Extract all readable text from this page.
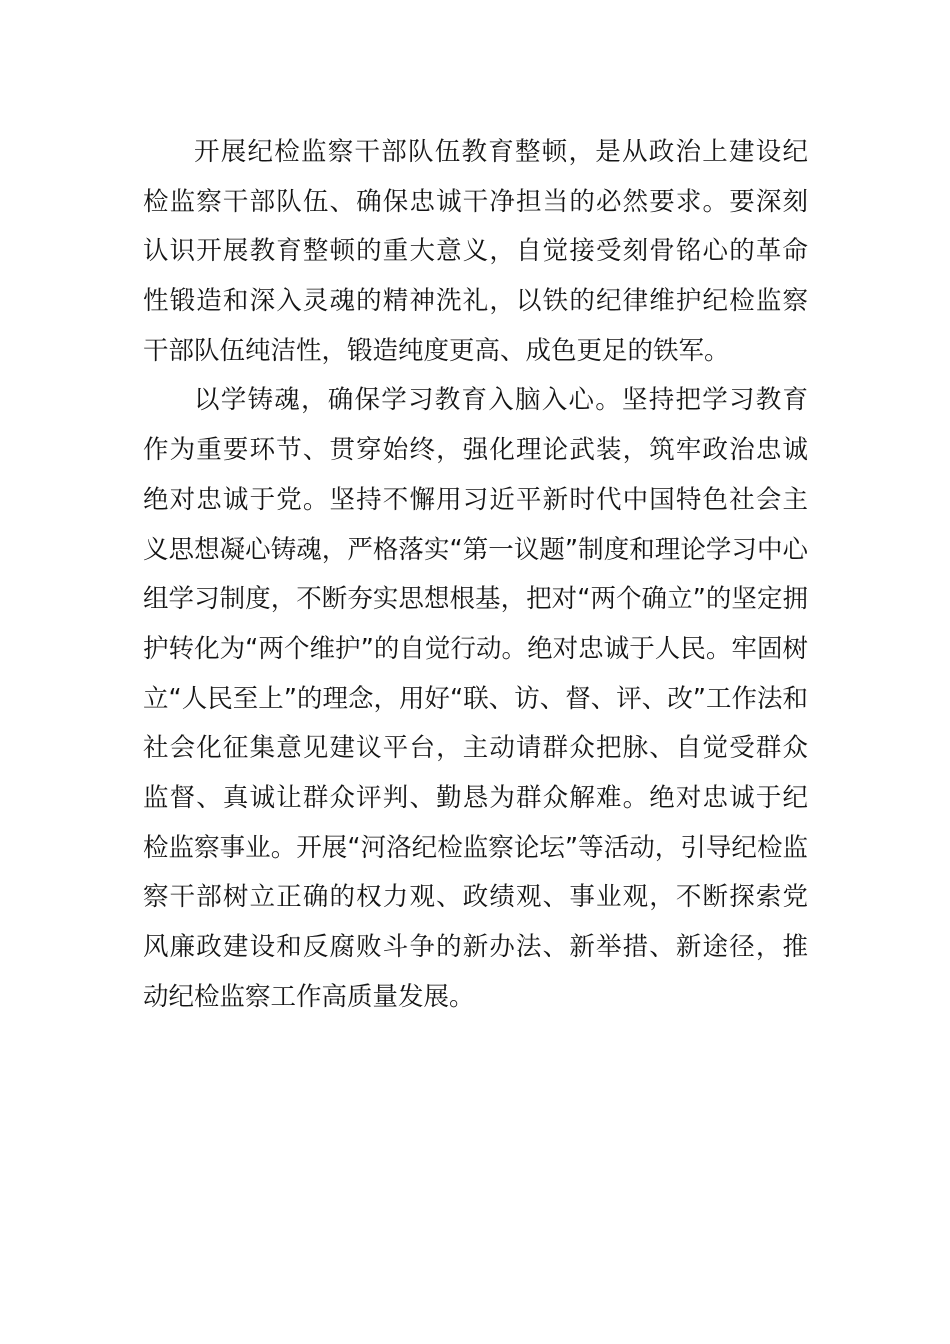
开展纪检监察干部队伍教育整顿，是从政治上建设纪
检监察干部队伍、确保忠诚干净担当的必然要求。要深刻
认识开展教育整顿的重大意义，自觉接受刻骨铭心的革命
性锻造和深入灵魂的精神洗礼，以铁的纪律维护纪检监察
干部队伍纯洁性，锻造纯度更高、成色更足的铁军。
以学铸魂，确保学习教育入脑入心。坚持把学习教育
作为重要环节、贯穿始终，强化理论武装，筑牢政治忠诚
绝对忠诚于党。坚持不懈用习近平新时代中国特色社会主
义思想凝心铸魂，严格落实“第一议题”制度和理论学习中心
组学习制度，不断夯实思想根基，把对“两个确立”的坚定拥
护转化为“两个维护”的自觉行动。绝对忠诚于人民。牢固树
立“人民至上”的理念，用好“联、访、督、评、改”工作法和
社会化征集意见建议平台，主动请群众把脉、自觉受群众
监督、真诚让群众评判、勤恳为群众解难。绝对忠诚于纪
检监察事业。开展“河洛纪检监察论坛”等活动，引导纪检监
察干部树立正确的权力观、政绩观、事业观，不断探索党
风廉政建设和反腐败斗争的新办法、新举措、新途径，推
动纪检监察工作高质量发展。
